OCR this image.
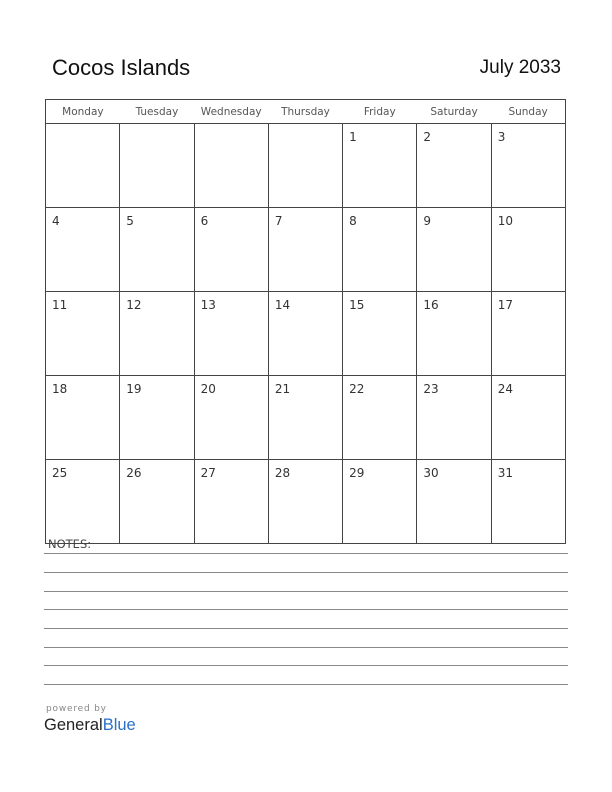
Cocos Islands	July 2033
Monday	Tuesday	Wednesday	Thursday	Friday	Saturday	Sunday
				1	2	3
4	5	6	7	8	9	10
11	12	13	14	15	16	17
18	19	20	21	22	23	24
25	26	27	28	29	30	31
NOTES:
powered by
GeneralBlue
